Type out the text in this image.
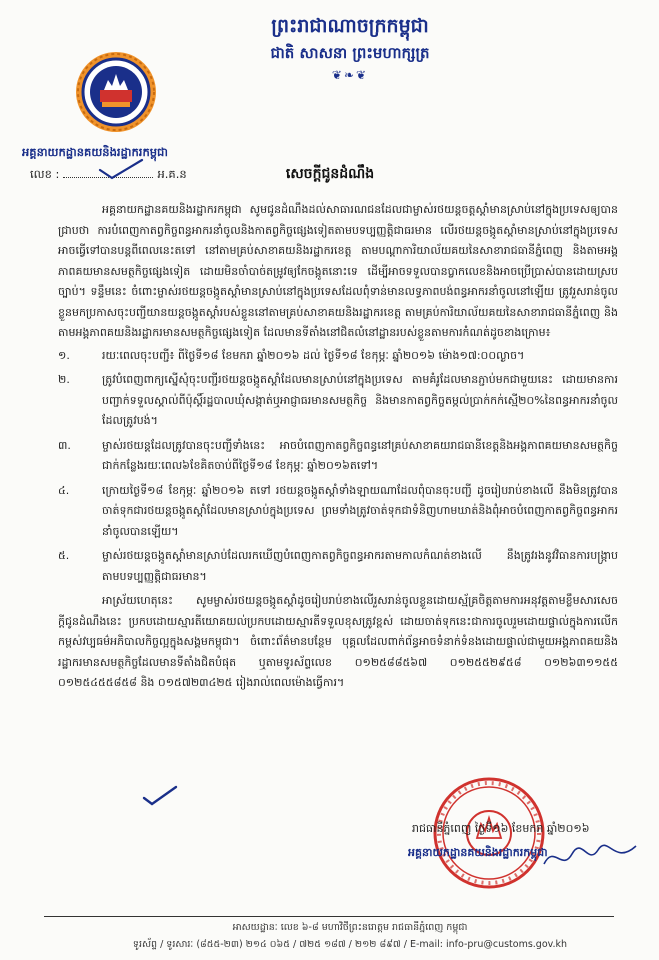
ព្រះរាជាណាចក្រកម្ពុជា
ជាតិ សាសនា ព្រះមហាក្សត្រ
❦❧❦
អគ្គនាយកដ្ឋានគយនិងរដ្ឋាករកម្ពុជា
លេខ :	អ.គ.ន	សេចក្ដីជូនដំណឹង

អគ្គនាយកដ្ឋានគយនិងរដ្ឋាករកម្ពុជា សូមជូនដំណឹងដល់សាធារណជនដែលជាម្ចាស់រថយន្តចត្តស្តាំមានស្រាប់នៅក្នុងប្រទេសឲ្យបានជ្រាបថា ការបំពេញកាតព្វកិច្ចពន្ធអាករនាំចូលនិងកាតព្វកិច្ចផ្សេងទៀតតាមបទប្បញ្ញត្តិជាធរមាន លើរថយន្តចង្កូតស្តាំមានស្រាប់នៅក្នុងប្រទេសអាចធ្វើទៅបានបន្តពីពេលនេះតទៅ នៅតាមគ្រប់សាខាគយនិងរដ្ឋាករខេត្ត តាមបណ្តាការិយាល័យគយនៃសាខារាជធានីភ្នំពេញ និងតាមអង្គភាពគយមានសមត្ថកិច្ចផ្សេងទៀត ដោយមិនចាំបាច់តម្រូវឲ្យកែចង្កូតនោះទេ ដើម្បីអាចទទួលបានប្លាកលេខនិងអាចប្រើប្រាស់បានដោយស្របច្បាប់។ ទន្ទឹមនេះ ចំពោះម្ចាស់រថយន្តចង្កូតស្តាំមានស្រាប់នៅក្នុងប្រទេសដែលពុំទាន់មានលទ្ធភាពបង់ពន្ធអាករនាំចូលនៅឡើយ ត្រូវរួសរាន់ចូលខ្លួនមកប្រកាសចុះបញ្ជីយានយន្តចង្កូតស្តាំរបស់ខ្លួននៅតាមគ្រប់សាខាគយនិងរដ្ឋាករខេត្ត តាមគ្រប់ការិយាល័យគយនៃសាខារាជធានីភ្នំពេញ និងតាមអង្គភាពគយនិងរដ្ឋាករមានសមត្ថកិច្ចផ្សេងទៀត ដែលមានទីតាំងនៅជិតលំនៅដ្ឋានរបស់ខ្លួនតាមការកំណត់ដូចខាងក្រោម៖

១.	រយៈពេលចុះបញ្ជី៖ ពីថ្ងៃទី១៨ ខែមករា ឆ្នាំ២០១៦ ដល់ ថ្ងៃទី១៨ ខែកុម្ភៈ ឆ្នាំ២០១៦ ម៉ោង១៧:០០ល្ងាច។
២.	ត្រូវបំពេញពាក្យស្នើសុំចុះបញ្ជីរថយន្តចង្កូតស្តាំដែលមានស្រាប់នៅក្នុងប្រទេស តាមគំរូដែលមានភ្ជាប់មកជាមួយនេះ ដោយមានការបញ្ជាក់ទទួលស្គាល់ពីប៉ុស្តិ៍រដ្ឋបាលឃុំសង្កាត់ឬអាជ្ញាធរមានសមត្ថកិច្ច និងមានកាតព្វកិច្ចតម្កល់ប្រាក់កក់ស្មើ២០%នៃពន្ធអាករនាំចូលដែលត្រូវបង់។
៣.	ម្ចាស់រថយន្តដែលត្រូវបានចុះបញ្ជីទាំងនេះ អាចបំពេញកាតព្វកិច្ចពន្ធនៅគ្រប់សាខាគយរាជធានីខេត្តនិងអង្គភាពគយមានសមត្ថកិច្ចជាក់កន្លែងរយៈពេល៦ខែគិតចាប់ពីថ្ងៃទី១៨ ខែកុម្ភៈ ឆ្នាំ២០១៦តទៅ។
៤.	ក្រោយថ្ងៃទី១៨ ខែកុម្ភៈ ឆ្នាំ២០១៦ តទៅ រថយន្តចង្កូតស្តាំទាំងឡាយណាដែលពុំបានចុះបញ្ជី ដូចរៀបរាប់ខាងលើ នឹងមិនត្រូវបានចាត់ទុកជារថយន្តចង្កូតស្តាំដែលមានស្រាប់ក្នុងប្រទេស ព្រមទាំងត្រូវចាត់ទុកជាទំនិញហាមឃាត់និងពុំអាចបំពេញកាតព្វកិច្ចពន្ធអាករនាំចូលបានឡើយ។
៥.	ម្ចាស់រថយន្តចង្កូតស្តាំមានស្រាប់ដែលរកឃើញបំពេញកាតព្វកិច្ចពន្ធអាករតាមកាលកំណត់ខាងលើ នឹងត្រូវរងនូវវិធានការបង្ក្រាបតាមបទប្បញ្ញត្តិជាធរមាន។

អាស្រ័យហេតុនេះ សូមម្ចាស់រថយន្តចង្កូតស្តាំដូចរៀបរាប់ខាងលើរួសរាន់ចូលខ្លួនដោយស្ម័គ្រចិត្តតាមការអនុវត្តតាមខ្លឹមសារសេចក្ដីជូនដំណឹងនេះ ប្រកបដោយស្មារតីយោគយល់ប្រកបដោយស្មារតីទទួលខុសត្រូវខ្ពស់ ដោយចាត់ទុកនេះជាការចូលរួមដោយផ្ទាល់ក្នុងការលើកកម្ពស់វប្បធម៌អភិបាលកិច្ចល្អក្នុងសង្គមកម្ពុជា។ ចំពោះព័ត៌មានបន្ថែម បុគ្គលដែលពាក់ព័ន្ធអាចទំនាក់ទំនងដោយផ្ទាល់ជាមួយអង្គភាពគយនិងរដ្ឋាករមានសមត្ថកិច្ចដែលមានទីតាំងជិតបំផុត ឬតាមទូរស័ព្ទលេខ ០១២៥៨៨៥៦៧ ០១២៥៥២៩៥៨ ០១២៦៣១១៥៥ ០១២៥៤៥៥៨៥៨ និង ០១៥៧២៣៤២៥ រៀងរាល់ពេលម៉ោងធ្វើការ។

រាជធានីភ្នំពេញ ថ្ងៃទី១៦ ខែមករា ឆ្នាំ២០១៦
អគ្គនាយកដ្ឋានគយនិងរដ្ឋាករកម្ពុជា
អាសយដ្ឋានៈ លេខ ៦-៨ មហាវិថីព្រះនរោត្តម រាជធានីភ្នំពេញ កម្ពុជា
ទូរស័ព្ទ / ទូរសារៈ (៨៥៥-២៣) ២១៤ ០៦៥ / ៧២៥ ១៨៧ / ២១២ ៨៩៧ / E-mail: info-pru@customs.gov.kh
